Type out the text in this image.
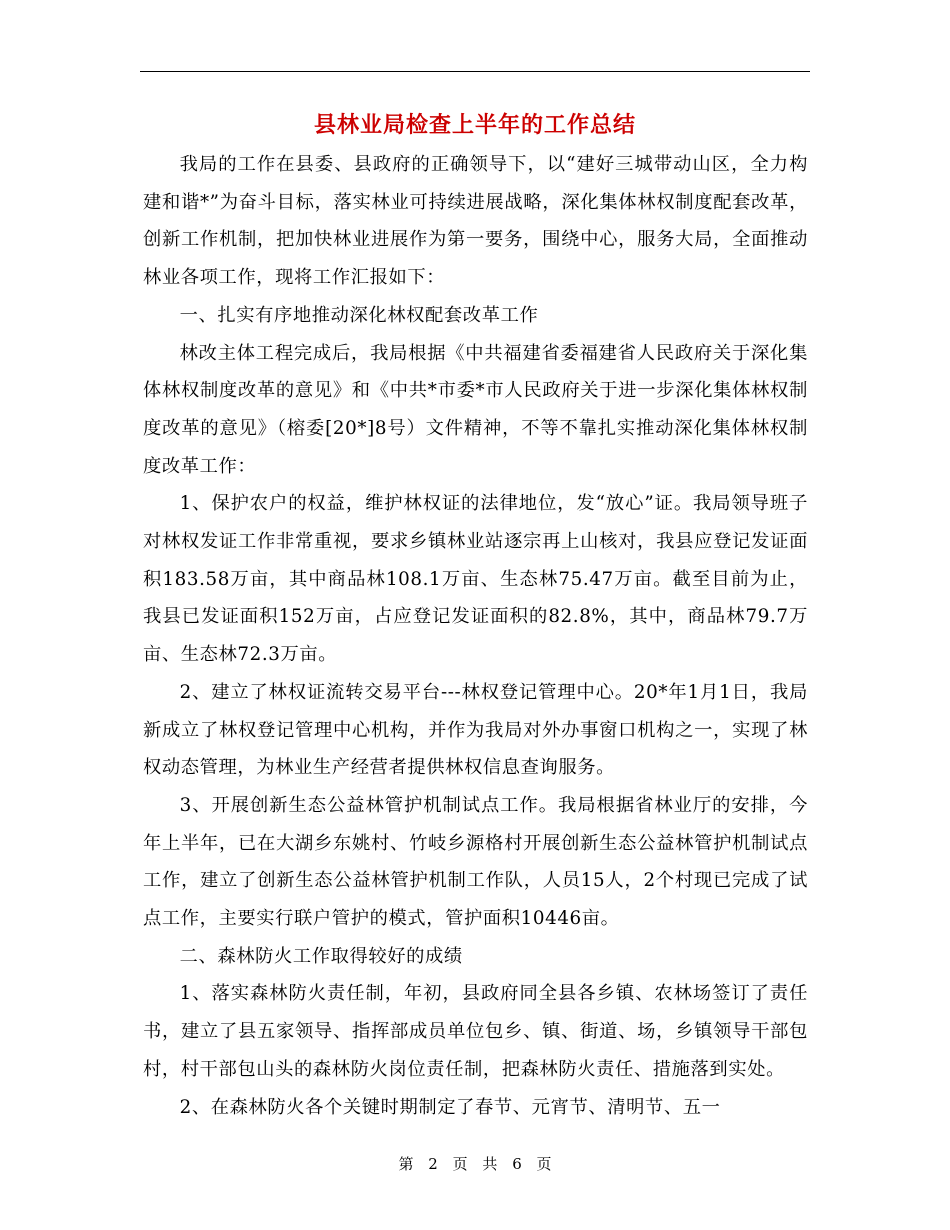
县林业局检查上半年的工作总结

我局的工作在县委、县政府的正确领导下，以“建好三城带动山区，全力构建和谐*”为奋斗目标，落实林业可持续进展战略，深化集体林权制度配套改革，创新工作机制，把加快林业进展作为第一要务，围绕中心，服务大局，全面推动林业各项工作，现将工作汇报如下：

一、扎实有序地推动深化林权配套改革工作

林改主体工程完成后，我局根据《中共福建省委福建省人民政府关于深化集体林权制度改革的意见》和《中共*市委*市人民政府关于进一步深化集体林权制度改革的意见》（榕委[20*]8号）文件精神，不等不靠扎实推动深化集体林权制度改革工作：

1、保护农户的权益，维护林权证的法律地位，发“放心”证。我局领导班子对林权发证工作非常重视，要求乡镇林业站逐宗再上山核对，我县应登记发证面积183.58万亩，其中商品林108.1万亩、生态林75.47万亩。截至目前为止，我县已发证面积152万亩，占应登记发证面积的82.8%，其中，商品林79.7万亩、生态林72.3万亩。

2、建立了林权证流转交易平台---林权登记管理中心。20*年1月1日，我局新成立了林权登记管理中心机构，并作为我局对外办事窗口机构之一，实现了林权动态管理，为林业生产经营者提供林权信息查询服务。

3、开展创新生态公益林管护机制试点工作。我局根据省林业厅的安排，今年上半年，已在大湖乡东姚村、竹岐乡源格村开展创新生态公益林管护机制试点工作，建立了创新生态公益林管护机制工作队，人员15人，2个村现已完成了试点工作，主要实行联户管护的模式，管护面积10446亩。

二、森林防火工作取得较好的成绩

1、落实森林防火责任制，年初，县政府同全县各乡镇、农林场签订了责任书，建立了县五家领导、指挥部成员单位包乡、镇、街道、场，乡镇领导干部包村，村干部包山头的森林防火岗位责任制，把森林防火责任、措施落到实处。

2、在森林防火各个关键时期制定了春节、元宵节、清明节、五一

第 2 页 共 6 页
